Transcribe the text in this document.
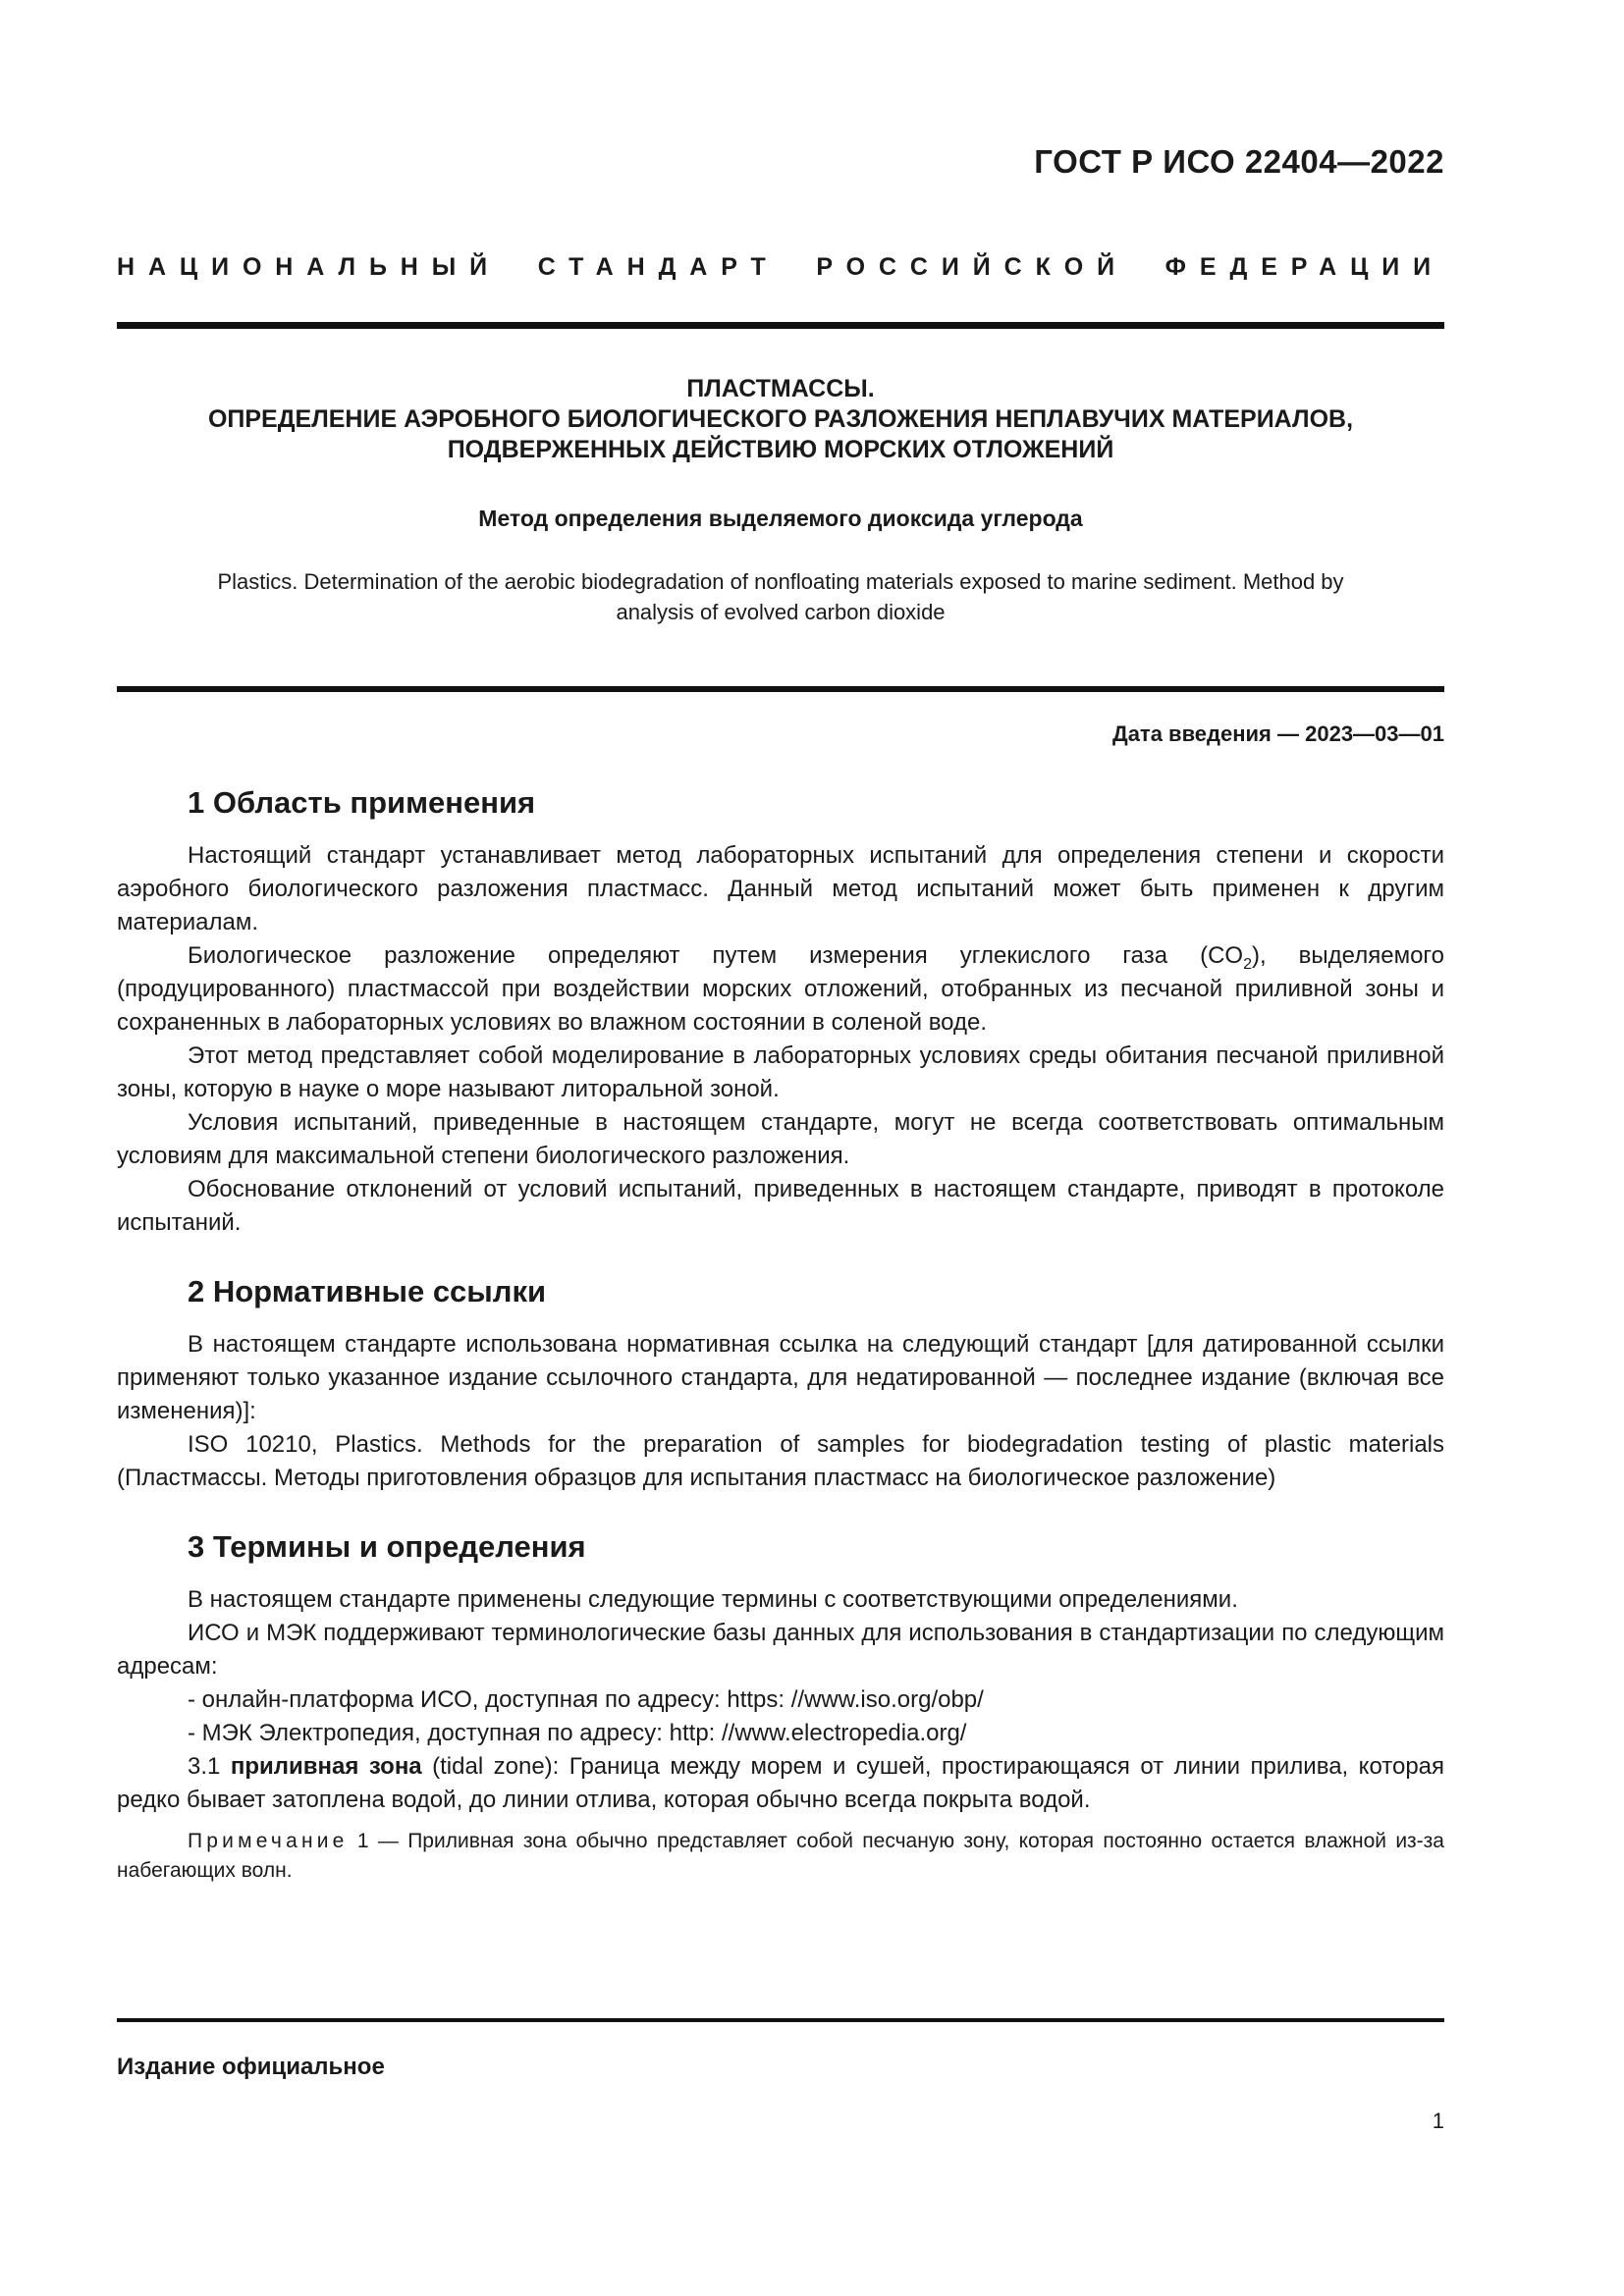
ГОСТ Р ИСО 22404—2022
НАЦИОНАЛЬНЫЙ СТАНДАРТ РОССИЙСКОЙ ФЕДЕРАЦИИ
ПЛАСТМАССЫ.
ОПРЕДЕЛЕНИЕ АЭРОБНОГО БИОЛОГИЧЕСКОГО РАЗЛОЖЕНИЯ НЕПЛАВУЧИХ МАТЕРИАЛОВ,
ПОДВЕРЖЕННЫХ ДЕЙСТВИЮ МОРСКИХ ОТЛОЖЕНИЙ
Метод определения выделяемого диоксида углерода
Plastics. Determination of the aerobic biodegradation of nonfloating materials exposed to marine sediment. Method by
analysis of evolved carbon dioxide
Дата введения — 2023—03—01
1 Область применения

Настоящий стандарт устанавливает метод лабораторных испытаний для определения степени и скорости аэробного биологического разложения пластмасс. Данный метод испытаний может быть применен к другим материалам.

Биологическое разложение определяют путем измерения углекислого газа $(CO_2)$, выделяемого (продуцированного) пластмассой при воздействии морских отложений, отобранных из песчаной приливной зоны и сохраненных в лабораторных условиях во влажном состоянии в соленой воде.

Этот метод представляет собой моделирование в лабораторных условиях среды обитания песчаной приливной зоны, которую в науке о море называют литоральной зоной.

Условия испытаний, приведенные в настоящем стандарте, могут не всегда соответствовать оптимальным условиям для максимальной степени биологического разложения.

Обоснование отклонений от условий испытаний, приведенных в настоящем стандарте, приводят в протоколе испытаний.

2 Нормативные ссылки

В настоящем стандарте использована нормативная ссылка на следующий стандарт [для датированной ссылки применяют только указанное издание ссылочного стандарта, для недатированной — последнее издание (включая все изменения)]:

ISO 10210, Plastics. Methods for the preparation of samples for biodegradation testing of plastic materials (Пластмассы. Методы приготовления образцов для испытания пластмасс на биологическое разложение)

3 Термины и определения

В настоящем стандарте применены следующие термины с соответствующими определениями.

ИСО и МЭК поддерживают терминологические базы данных для использования в стандартизации по следующим адресам:

- онлайн-платформа ИСО, доступная по адресу: https: //www.iso.org/obp/

- МЭК Электропедия, доступная по адресу: http: //www.electropedia.org/

3.1 приливная зона (tidal zone): Граница между морем и сушей, простирающаяся от линии прилива, которая редко бывает затоплена водой, до линии отлива, которая обычно всегда покрыта водой.

Примечание 1 — Приливная зона обычно представляет собой песчаную зону, которая постоянно остается влажной из-за набегающих волн.

Издание официальное
1
